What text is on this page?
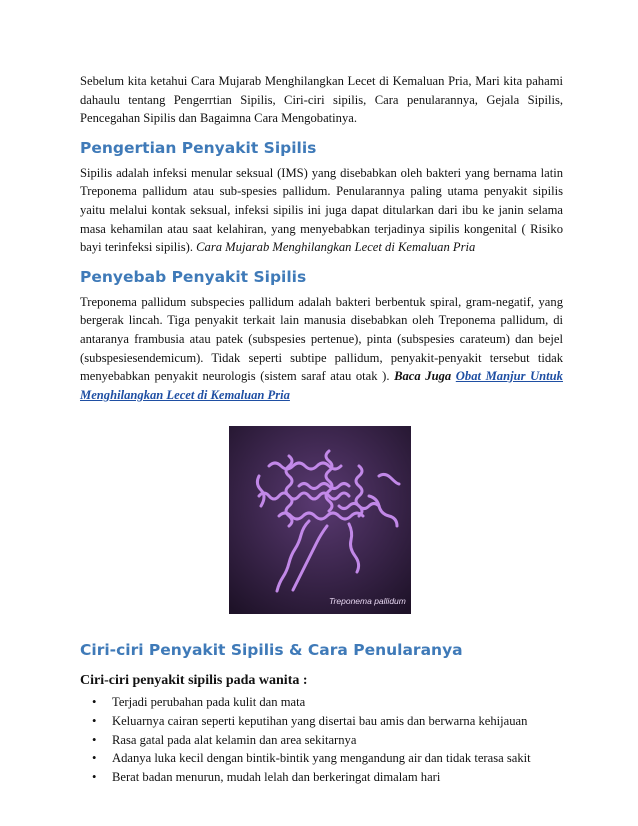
Sebelum kita ketahui Cara Mujarab Menghilangkan Lecet di Kemaluan Pria, Mari kita pahami dahaulu tentang Pengerrtian Sipilis, Ciri-ciri sipilis, Cara penularannya, Gejala Sipilis, Pencegahan Sipilis dan Bagaimna Cara Mengobatinya.

Pengertian Penyakit Sipilis

Sipilis adalah infeksi menular seksual (IMS) yang disebabkan oleh bakteri yang bernama latin Treponema pallidum atau sub-spesies pallidum. Penularannya paling utama penyakit sipilis yaitu melalui kontak seksual, infeksi sipilis ini juga dapat ditularkan dari ibu ke janin selama masa kehamilan atau saat kelahiran, yang menyebabkan terjadinya sipilis kongenital ( Risiko bayi terinfeksi sipilis). Cara Mujarab Menghilangkan Lecet di Kemaluan Pria

Penyebab Penyakit Sipilis

Treponema pallidum subspecies pallidum adalah bakteri berbentuk spiral, gram-negatif, yang bergerak lincah. Tiga penyakit terkait lain manusia disebabkan oleh Treponema pallidum, di antaranya frambusia atau patek (subspesies pertenue), pinta (subspesies carateum) dan bejel (subspesiesendemicum). Tidak seperti subtipe pallidum, penyakit-penyakit tersebut tidak menyebabkan penyakit neurologis (sistem saraf atau otak ). Baca Juga Obat Manjur Untuk Menghilangkan Lecet di Kemaluan Pria

Treponema pallidum
Ciri-ciri Penyakit Sipilis & Cara Penularanya
Ciri-ciri penyakit sipilis pada wanita :
• Terjadi perubahan pada kulit dan mata
• Keluarnya cairan seperti keputihan yang disertai bau amis dan berwarna kehijauan
• Rasa gatal pada alat kelamin dan area sekitarnya
• Adanya luka kecil dengan bintik-bintik yang mengandung air dan tidak terasa sakit
• Berat badan menurun, mudah lelah dan berkeringat dimalam hari
